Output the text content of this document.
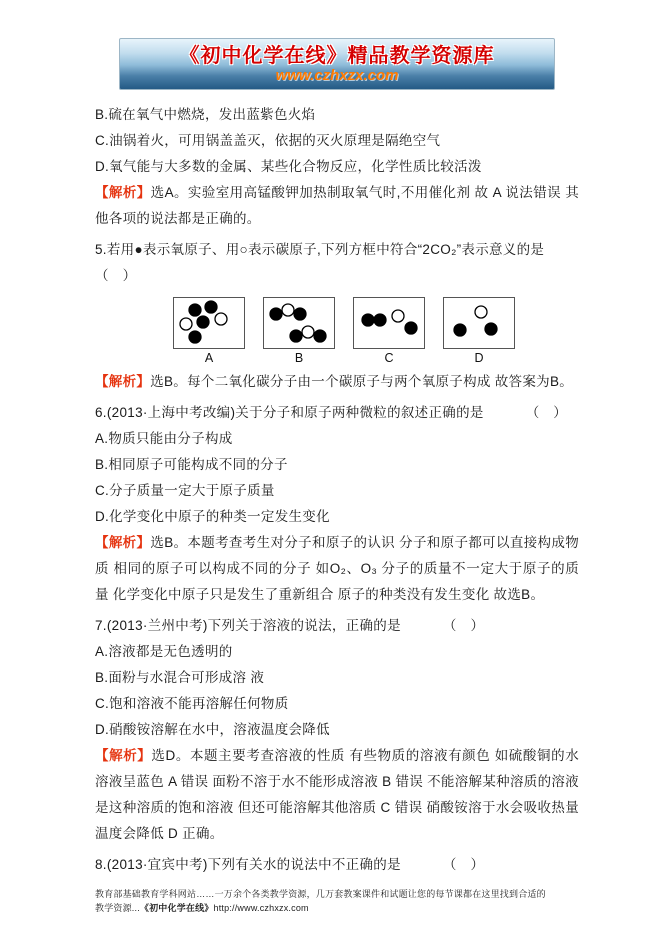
《初中化学在线》精品教学资源库
www.czhxzx.com

B.硫在氧气中燃烧，发出蓝紫色火焰

C.油锅着火，可用锅盖盖灭，依据的灭火原理是隔绝空气

D.氧气能与大多数的金属、某些化合物反应，化学性质比较活泼

【解析】选A。实验室用高锰酸钾加热制取氧气时,不用催化剂 故 A 说法错误 其他各项的说法都是正确的。

5.若用●表示氧原子、用○表示碳原子,下列方框中符合“2CO₂”表示意义的是

（　）

A	B	C	D

【解析】选B。每个二氧化碳分子由一个碳原子与两个氧原子构成 故答案为B。

6.(2013·上海中考改编)关于分子和原子两种微粒的叙述正确的是	（　）

A.物质只能由分子构成

B.相同原子可能构成不同的分子

C.分子质量一定大于原子质量

D.化学变化中原子的种类一定发生变化

【解析】选B。本题考查考生对分子和原子的认识 分子和原子都可以直接构成物质 相同的原子可以构成不同的分子 如O₂、O₃ 分子的质量不一定大于原子的质量 化学变化中原子只是发生了重新组合 原子的种类没有发生变化 故选B。

7.(2013·兰州中考)下列关于溶液的说法，正确的是	（　）

A.溶液都是无色透明的

B.面粉与水混合可形成溶 液

C.饱和溶液不能再溶解任何物质

D.硝酸铵溶解在水中，溶液温度会降低

【解析】选D。本题主要考查溶液的性质 有些物质的溶液有颜色 如硫酸铜的水溶液呈蓝色 A 错误 面粉不溶于水不能形成溶液 B 错误 不能溶解某种溶质的溶液是这种溶质的饱和溶液 但还可能溶解其他溶质 C 错误 硝酸铵溶于水会吸收热量 温度会降低 D 正确。

8.(2013·宜宾中考)下列有关水的说法中不正确的是	（　）

教育部基础教育学科网站……一万余个各类教学资源，几万套教案课件和试题让您的每节课都在这里找到合适的
教学资源...《初中化学在线》http://www.czhxzx.com
